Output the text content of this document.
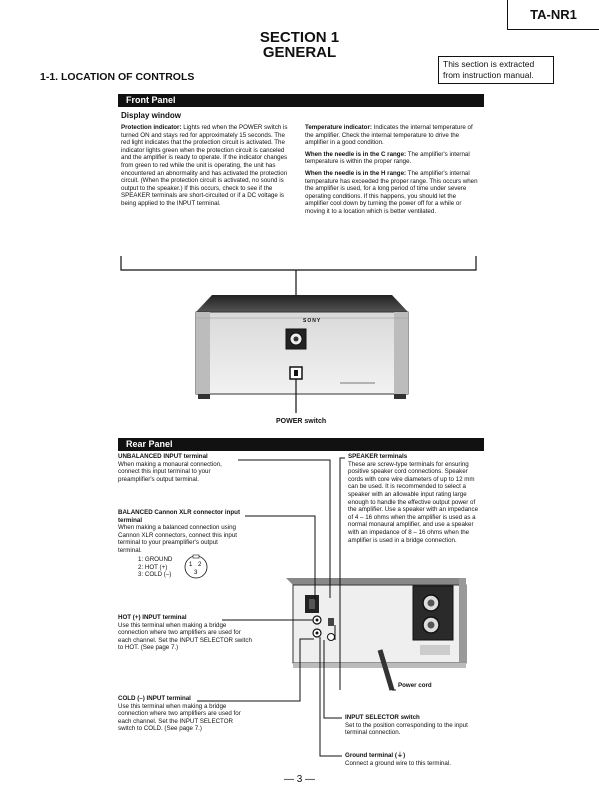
TA-NR1
SECTION 1
GENERAL
This section is extracted from instruction manual.
1-1. LOCATION OF CONTROLS
Front Panel
Display window
Protection indicator: Lights red when the POWER switch is turned ON and stays red for approximately 15 seconds. The red light indicates that the protection circuit is activated. The indicator lights green when the protection circuit is canceled and the amplifier is ready to operate. If the indicator changes from green to red while the unit is operating, the unit has encountered an abnormality and has activated the protection circuit. (When the protection circuit is activated, no sound is output to the speaker.) If this occurs, check to see if the SPEAKER terminals are short-circuited or if a DC voltage is being applied to the INPUT terminal.
Temperature indicator: Indicates the internal temperature of the amplifier. Check the internal temperature to drive the amplifier in a good condition.
When the needle is in the C range: The amplifier's internal temperature is within the proper range.
When the needle is in the H range: The amplifier's internal temperature has exceeded the proper range. This occurs when the amplifier is used, for a long period of time under severe operating conditions. If this happens, you should let the amplifier cool down by turning the power off for a while or moving it to a location which is better ventilated.
SONY
POWER switch
Rear Panel
UNBALANCED INPUT terminal
When making a monaural connection, connect this input terminal to your preamplifier's output terminal.
BALANCED Cannon XLR connector input terminal
When making a balanced connection using Cannon XLR connectors, connect this input terminal to your preamplifier's output terminal.
1: GROUND
2: HOT (+)
3: COLD (–)
HOT (+) INPUT terminal
Use this terminal when making a bridge connection where two amplifiers are used for each channel. Set the INPUT SELECTOR switch to HOT. (See page 7.)
COLD (–) INPUT terminal
Use this terminal when making a bridge connection where two amplifiers are used for each channel. Set the INPUT SELECTOR switch to COLD. (See page 7.)
SPEAKER terminals
These are screw-type terminals for ensuring positive speaker cord connections. Speaker cords with core wire diameters of up to 12 mm can be used. It is recommended to select a speaker with an allowable input rating large enough to handle the effective output power of the amplifier. Use a speaker with an impedance of 4 – 16 ohms when the amplifier is used as a normal monaural amplifier, and use a speaker with an impedance of 8 – 16 ohms when the amplifier is used in a bridge connection.
Power cord
INPUT SELECTOR switch
Set to the position corresponding to the input terminal connection.
Ground terminal (⏚)
Connect a ground wire to this terminal.
1 2
3
— 3 —
